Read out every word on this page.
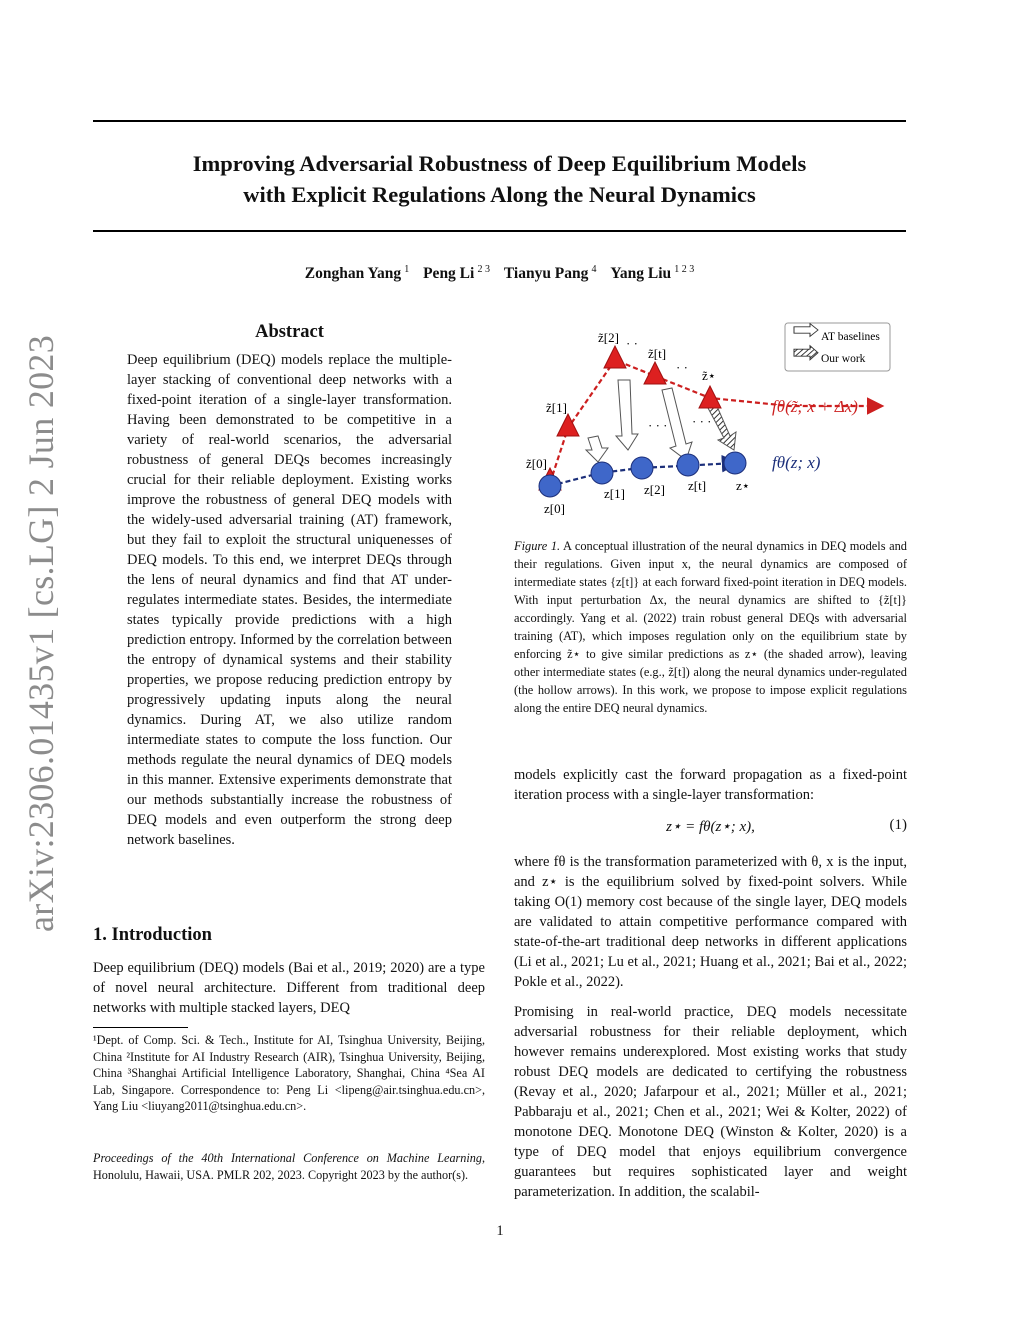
Improving Adversarial Robustness of Deep Equilibrium Models
with Explicit Regulations Along the Neural Dynamics
Zonghan Yang  $^1$ Peng Li  $^{2 3}$ Tianyu Pang  $^4$ Yang Liu  $^{1 2 3}$
arXiv:2306.01435v1 [cs.LG] 2 Jun 2023
Abstract
Deep equilibrium (DEQ) models replace the multiple-layer stacking of conventional deep networks with a fixed-point iteration of a single-layer transformation. Having been demonstrated to be competitive in a variety of real-world scenarios, the adversarial robustness of general DEQs becomes increasingly crucial for their reliable deployment. Existing works improve the robustness of general DEQ models with the widely-used adversarial training (AT) framework, but they fail to exploit the structural uniquenesses of DEQ models. To this end, we interpret DEQs through the lens of neural dynamics and find that AT under-regulates intermediate states. Besides, the intermediate states typically provide predictions with a high prediction entropy. Informed by the correlation between the entropy of dynamical systems and their stability properties, we propose reducing prediction entropy by progressively updating inputs along the neural dynamics. During AT, we also utilize random intermediate states to compute the loss function. Our methods regulate the neural dynamics of DEQ models in this manner. Extensive experiments demonstrate that our methods substantially increase the robustness of DEQ models and even outperform the strong deep network baselines.
1. Introduction
Deep equilibrium (DEQ) models (Bai et al., 2019; 2020) are a type of novel neural architecture. Different from traditional deep networks with multiple stacked layers, DEQ
¹Dept. of Comp. Sci. & Tech., Institute for AI, Tsinghua University, Beijing, China ²Institute for AI Industry Research (AIR), Tsinghua University, Beijing, China ³Shanghai Artificial Intelligence Laboratory, Shanghai, China ⁴Sea AI Lab, Singapore. Correspondence to: Peng Li <lipeng@air.tsinghua.edu.cn>, Yang Liu <liuyang2011@tsinghua.edu.cn>.
Proceedings of the 40th International Conference on Machine Learning, Honolulu, Hawaii, USA. PMLR 202, 2023. Copyright 2023 by the author(s).
AT baselines
Our work
z̃[0]
z̃[1]
z̃[2]
z̃[t]
z̃⋆
z[0]
z[1] z[2] z[t] z⋆
· ·
· ·
· · · · · ·
fθ(z̃; x + Δx)
fθ(z; x)
Figure 1. A conceptual illustration of the neural dynamics in DEQ models and their regulations. Given input x, the neural dynamics are composed of intermediate states {z[t]} at each forward fixed-point iteration in DEQ models. With input perturbation Δx, the neural dynamics are shifted to {z̃[t]} accordingly. Yang et al. (2022) train robust general DEQs with adversarial training (AT), which imposes regulation only on the equilibrium state by enforcing z̃⋆ to give similar predictions as z⋆ (the shaded arrow), leaving other intermediate states (e.g., z̃[t]) along the neural dynamics under-regulated (the hollow arrows). In this work, we propose to impose explicit regulations along the entire DEQ neural dynamics.
models explicitly cast the forward propagation as a fixed-point iteration process with a single-layer transformation:
z⋆ = fθ(z⋆; x),	(1)
where fθ is the transformation parameterized with θ, x is the input, and z⋆ is the equilibrium solved by fixed-point solvers. While taking O(1) memory cost because of the single layer, DEQ models are validated to attain competitive performance compared with state-of-the-art traditional deep networks in different applications (Li et al., 2021; Lu et al., 2021; Huang et al., 2021; Bai et al., 2022; Pokle et al., 2022).
Promising in real-world practice, DEQ models necessitate adversarial robustness for their reliable deployment, which however remains underexplored. Most existing works that study robust DEQ models are dedicated to certifying the robustness (Revay et al., 2020; Jafarpour et al., 2021; Müller et al., 2021; Pabbaraju et al., 2021; Chen et al., 2021; Wei & Kolter, 2022) of monotone DEQ. Monotone DEQ (Winston & Kolter, 2020) is a type of DEQ model that enjoys equilibrium convergence guarantees but requires sophisticated layer and weight parameterization. In addition, the scalabil-
1
